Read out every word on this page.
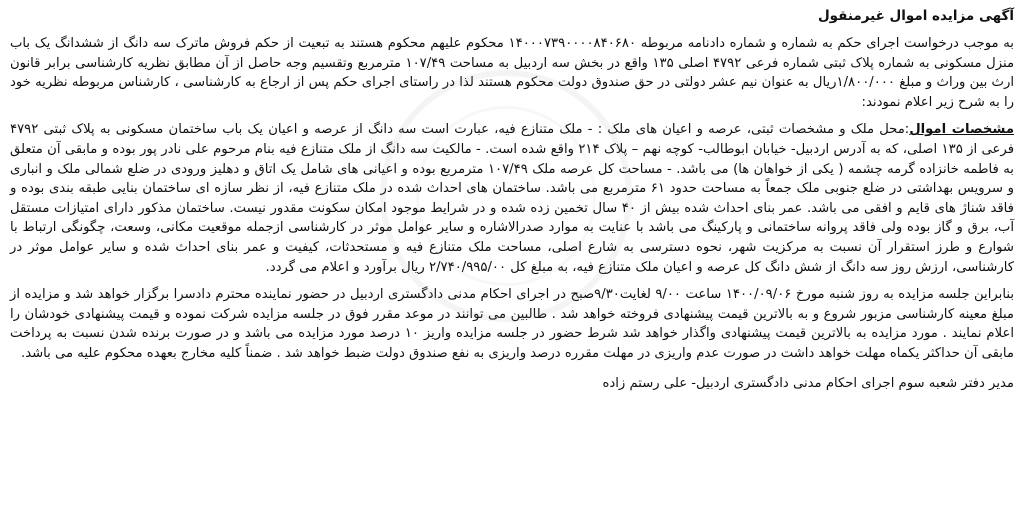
آگهی مزایده اموال غیرمنقول

به موجب درخواست اجرای حکم به شماره و شماره دادنامه مربوطه ۱۴۰۰۰۷۳۹۰۰۰۰۸۴۰۶۸۰ محکوم علیهم محکوم هستند به تبعیت از حکم فروش ماترک سه دانگ از ششدانگ یک باب منزل مسکونی به شماره پلاک ثبتی شماره فرعی ۴۷۹۲ اصلی ۱۳۵ واقع در بخش سه اردبیل به مساحت ۱۰۷/۴۹ مترمربع وتقسیم وجه حاصل از آن مطابق نظریه کارشناسی برابر قانون ارث بین وراث و مبلغ ۱/۸۰۰/۰۰۰ریال به عنوان نیم عشر دولتی در حق صندوق دولت محکوم هستند لذا در راستای اجرای حکم پس از ارجاع به کارشناسی ، کارشناس مربوطه نظریه خود را به شرح زیر اعلام نمودند:

مشخصات اموال:محل ملک و مشخصات ثبتی، عرصه و اعیان های ملک : - ملک متنازع فیه، عبارت است سه دانگ از عرصه و اعیان یک باب ساختمان مسکونی به پلاک ثبتی ۴۷۹۲ فرعی از ۱۳۵ اصلی، که به آدرس اردبیل- خیابان ابوطالب- کوچه نهم – پلاک ۲۱۴ واقع شده است. - مالکیت سه دانگ از ملک متنازع فیه بنام مرحوم علی نادر پور بوده و مابقی آن متعلق به فاطمه خانزاده گرمه چشمه ( یکی از خواهان ها) می باشد. - مساحت کل عرصه ملک ۱۰۷/۴۹ مترمربع بوده و اعیانی های شامل یک اتاق و دهلیز ورودی در ضلع شمالی ملک و انباری و سرویس بهداشتی در ضلع جنوبی ملک جمعاً به مساحت حدود ۶۱ مترمربع می باشد. ساختمان های احداث شده در ملک متنازع فیه، از نظر سازه ای ساختمان بنایی طبقه بندی بوده و فاقد شناژ های قایم و افقی می باشد. عمر بنای احداث شده بیش از ۴۰ سال تخمین زده شده و در شرایط موجود امکان سکونت مقدور نیست. ساختمان مذکور دارای امتیازات مستقل آب، برق و گاز بوده ولی فاقد پروانه ساختمانی و پارکینگ می باشد با عنایت به موارد صدرالاشاره و سایر عوامل موثر در کارشناسی ازجمله موقعیت مکانی، وسعت، چگونگی ارتباط با شوارع و طرز استقرار آن نسبت به مرکزیت شهر، نحوه دسترسی به شارع اصلی، مساحت ملک متنازع فیه و مستحدثات، کیفیت و عمر بنای احداث شده و سایر عوامل موثر در کارشناسی، ارزش روز سه دانگ از شش دانگ کل عرصه و اعیان ملک متنازع فیه، به مبلغ کل ۲/۷۴۰/۹۹۵/۰۰ ریال برآورد و اعلام می گردد.

بنابراین جلسه مزایده به روز شنبه مورخ ۱۴۰۰/۰۹/۰۶ ساعت ۹/۰۰ لغایت۹/۳۰صبح در اجرای احکام مدنی دادگستری اردبیل در حضور نماینده محترم دادسرا برگزار خواهد شد و مزایده از مبلغ معینه کارشناسی مزبور شروع و به بالاترین قیمت پیشنهادی فروخته خواهد شد . طالبین می توانند در موعد مقرر فوق در جلسه مزایده شرکت نموده و قیمت پیشنهادی خودشان را اعلام نمایند . مورد مزایده به بالاترین قیمت پیشنهادی واگذار خواهد شد شرط حضور در جلسه مزایده واریز ۱۰ درصد مورد مزایده می باشد و در صورت برنده شدن نسبت به پرداخت مابقی آن حداکثر یکماه مهلت خواهد داشت در صورت عدم واریزی در مهلت مقرره درصد واریزی به نفع صندوق دولت ضبط خواهد شد . ضمناً کلیه مخارج بعهده محکوم علیه می باشد.

مدیر دفتر شعبه سوم اجرای احکام مدنی دادگستری اردبیل- علی رستم زاده
